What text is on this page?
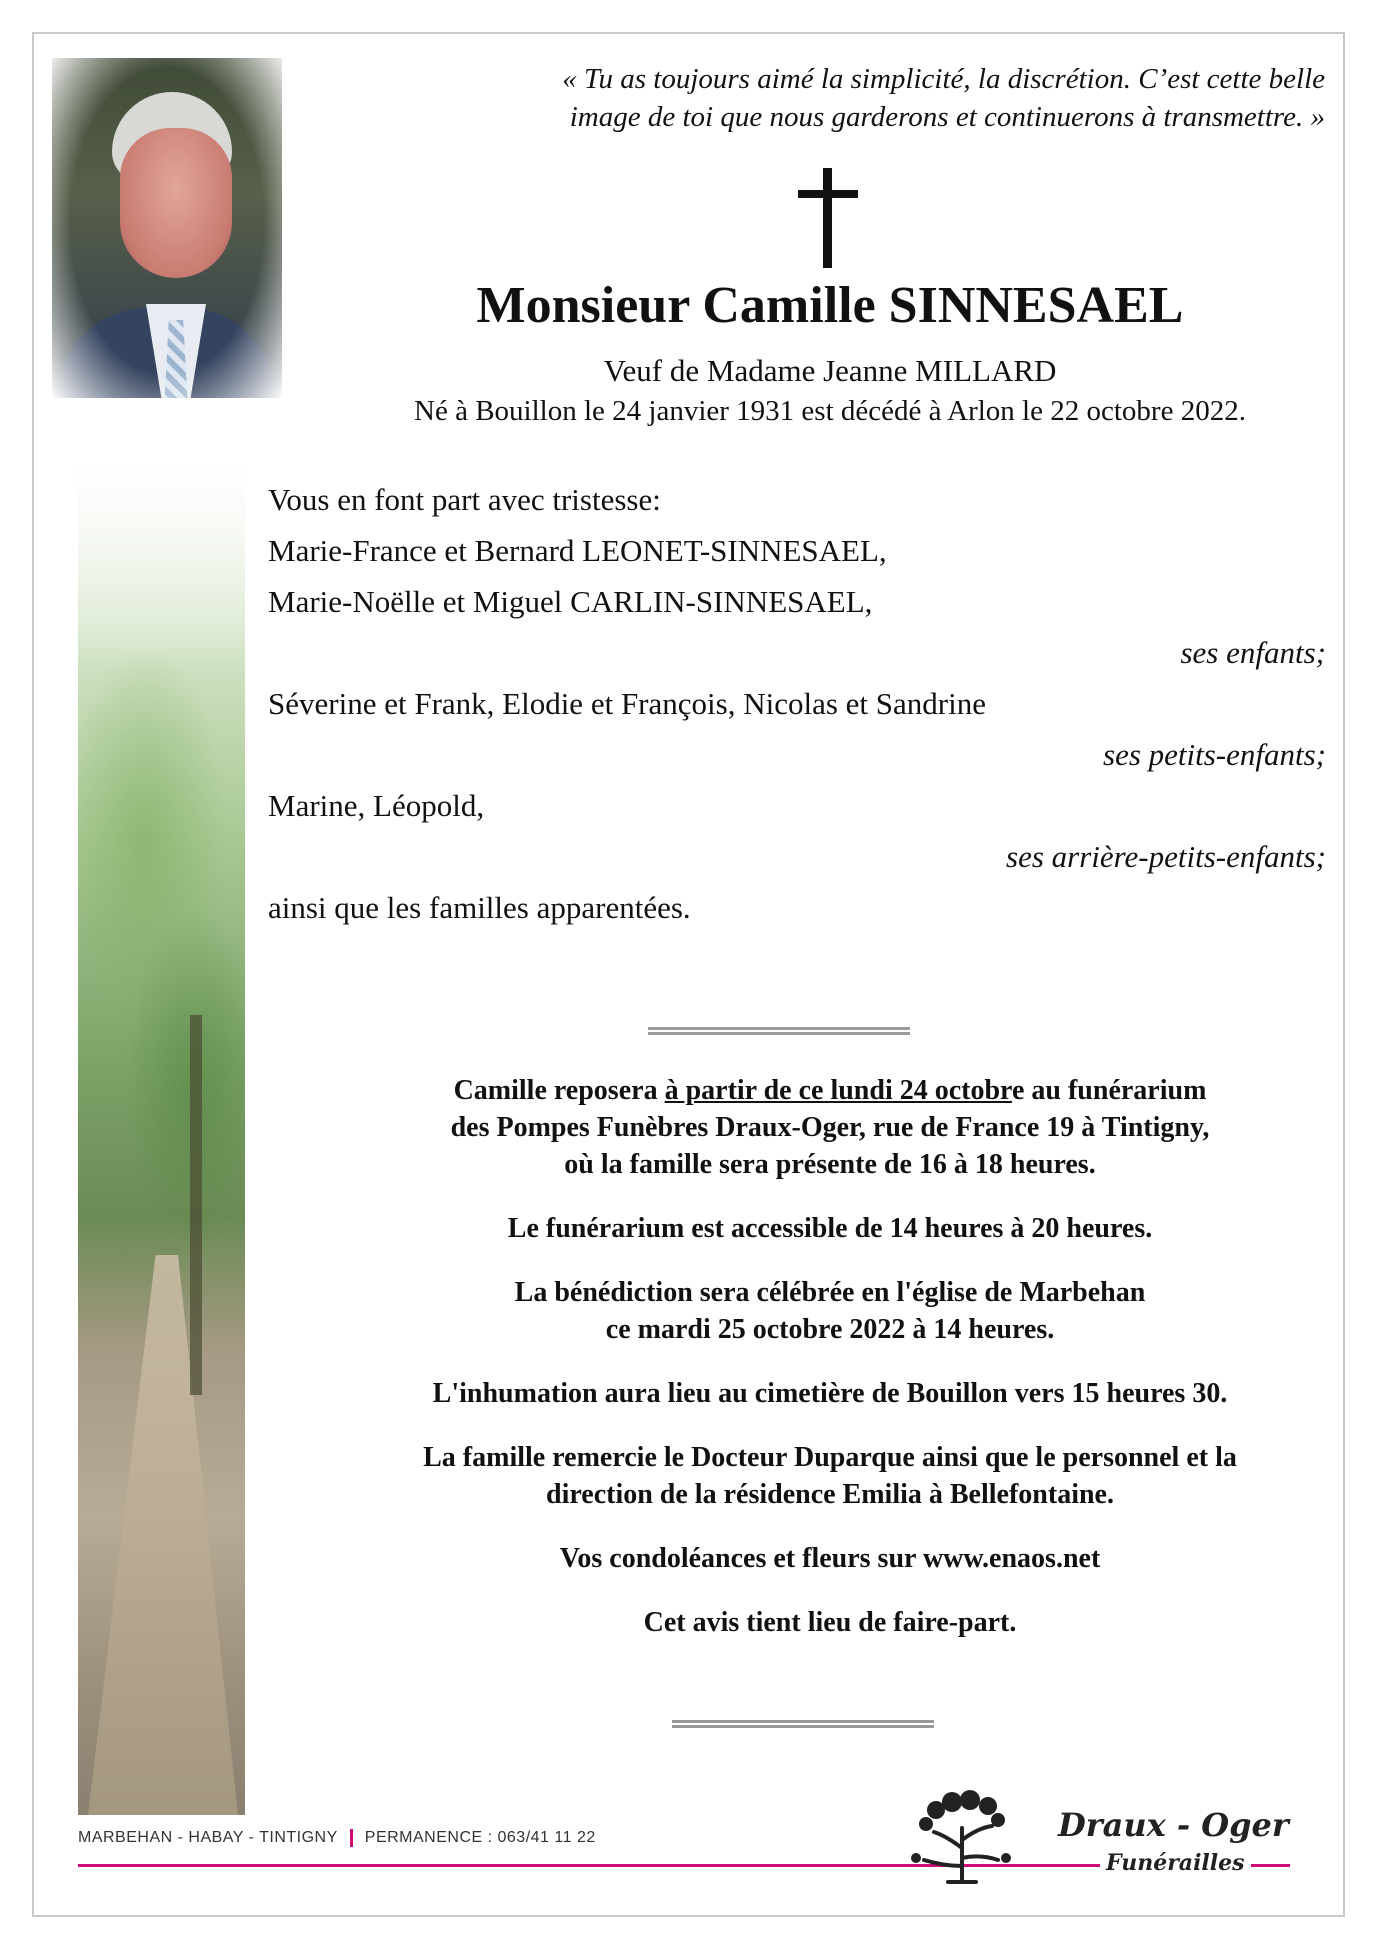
« Tu as toujours aimé la simplicité, la discrétion. C’est cette belle
image de toi que nous garderons et continuerons à transmettre. »
Monsieur Camille SINNESAEL
Veuf de Madame Jeanne MILLARD
Né à Bouillon le 24 janvier 1931 est décédé à Arlon le 22 octobre 2022.
Vous en font part avec tristesse:
Marie-France et Bernard LEONET-SINNESAEL,
Marie-Noëlle et Miguel CARLIN-SINNESAEL,
ses enfants;
Séverine et Frank, Elodie et François, Nicolas et Sandrine
ses petits-enfants;
Marine, Léopold,
ses arrière-petits-enfants;
ainsi que les familles apparentées.

Camille reposera à partir de ce lundi 24 octobre au funérarium
des Pompes Funèbres Draux-Oger, rue de France 19 à Tintigny,
où la famille sera présente de 16 à 18 heures.

Le funérarium est accessible de 14 heures à 20 heures.

La bénédiction sera célébrée en l'église de Marbehan
ce mardi 25 octobre 2022 à 14 heures.

L'inhumation aura lieu au cimetière de Bouillon vers 15 heures 30.

La famille remercie le Docteur Duparque ainsi que le personnel et la
direction de la résidence Emilia à Bellefontaine.

Vos condoléances et fleurs sur www.enaos.net

Cet avis tient lieu de faire-part.

MARBEHAN - HABAY - TINTIGNY PERMANENCE : 063/41 11 22	Draux - Oger
Funérailles
